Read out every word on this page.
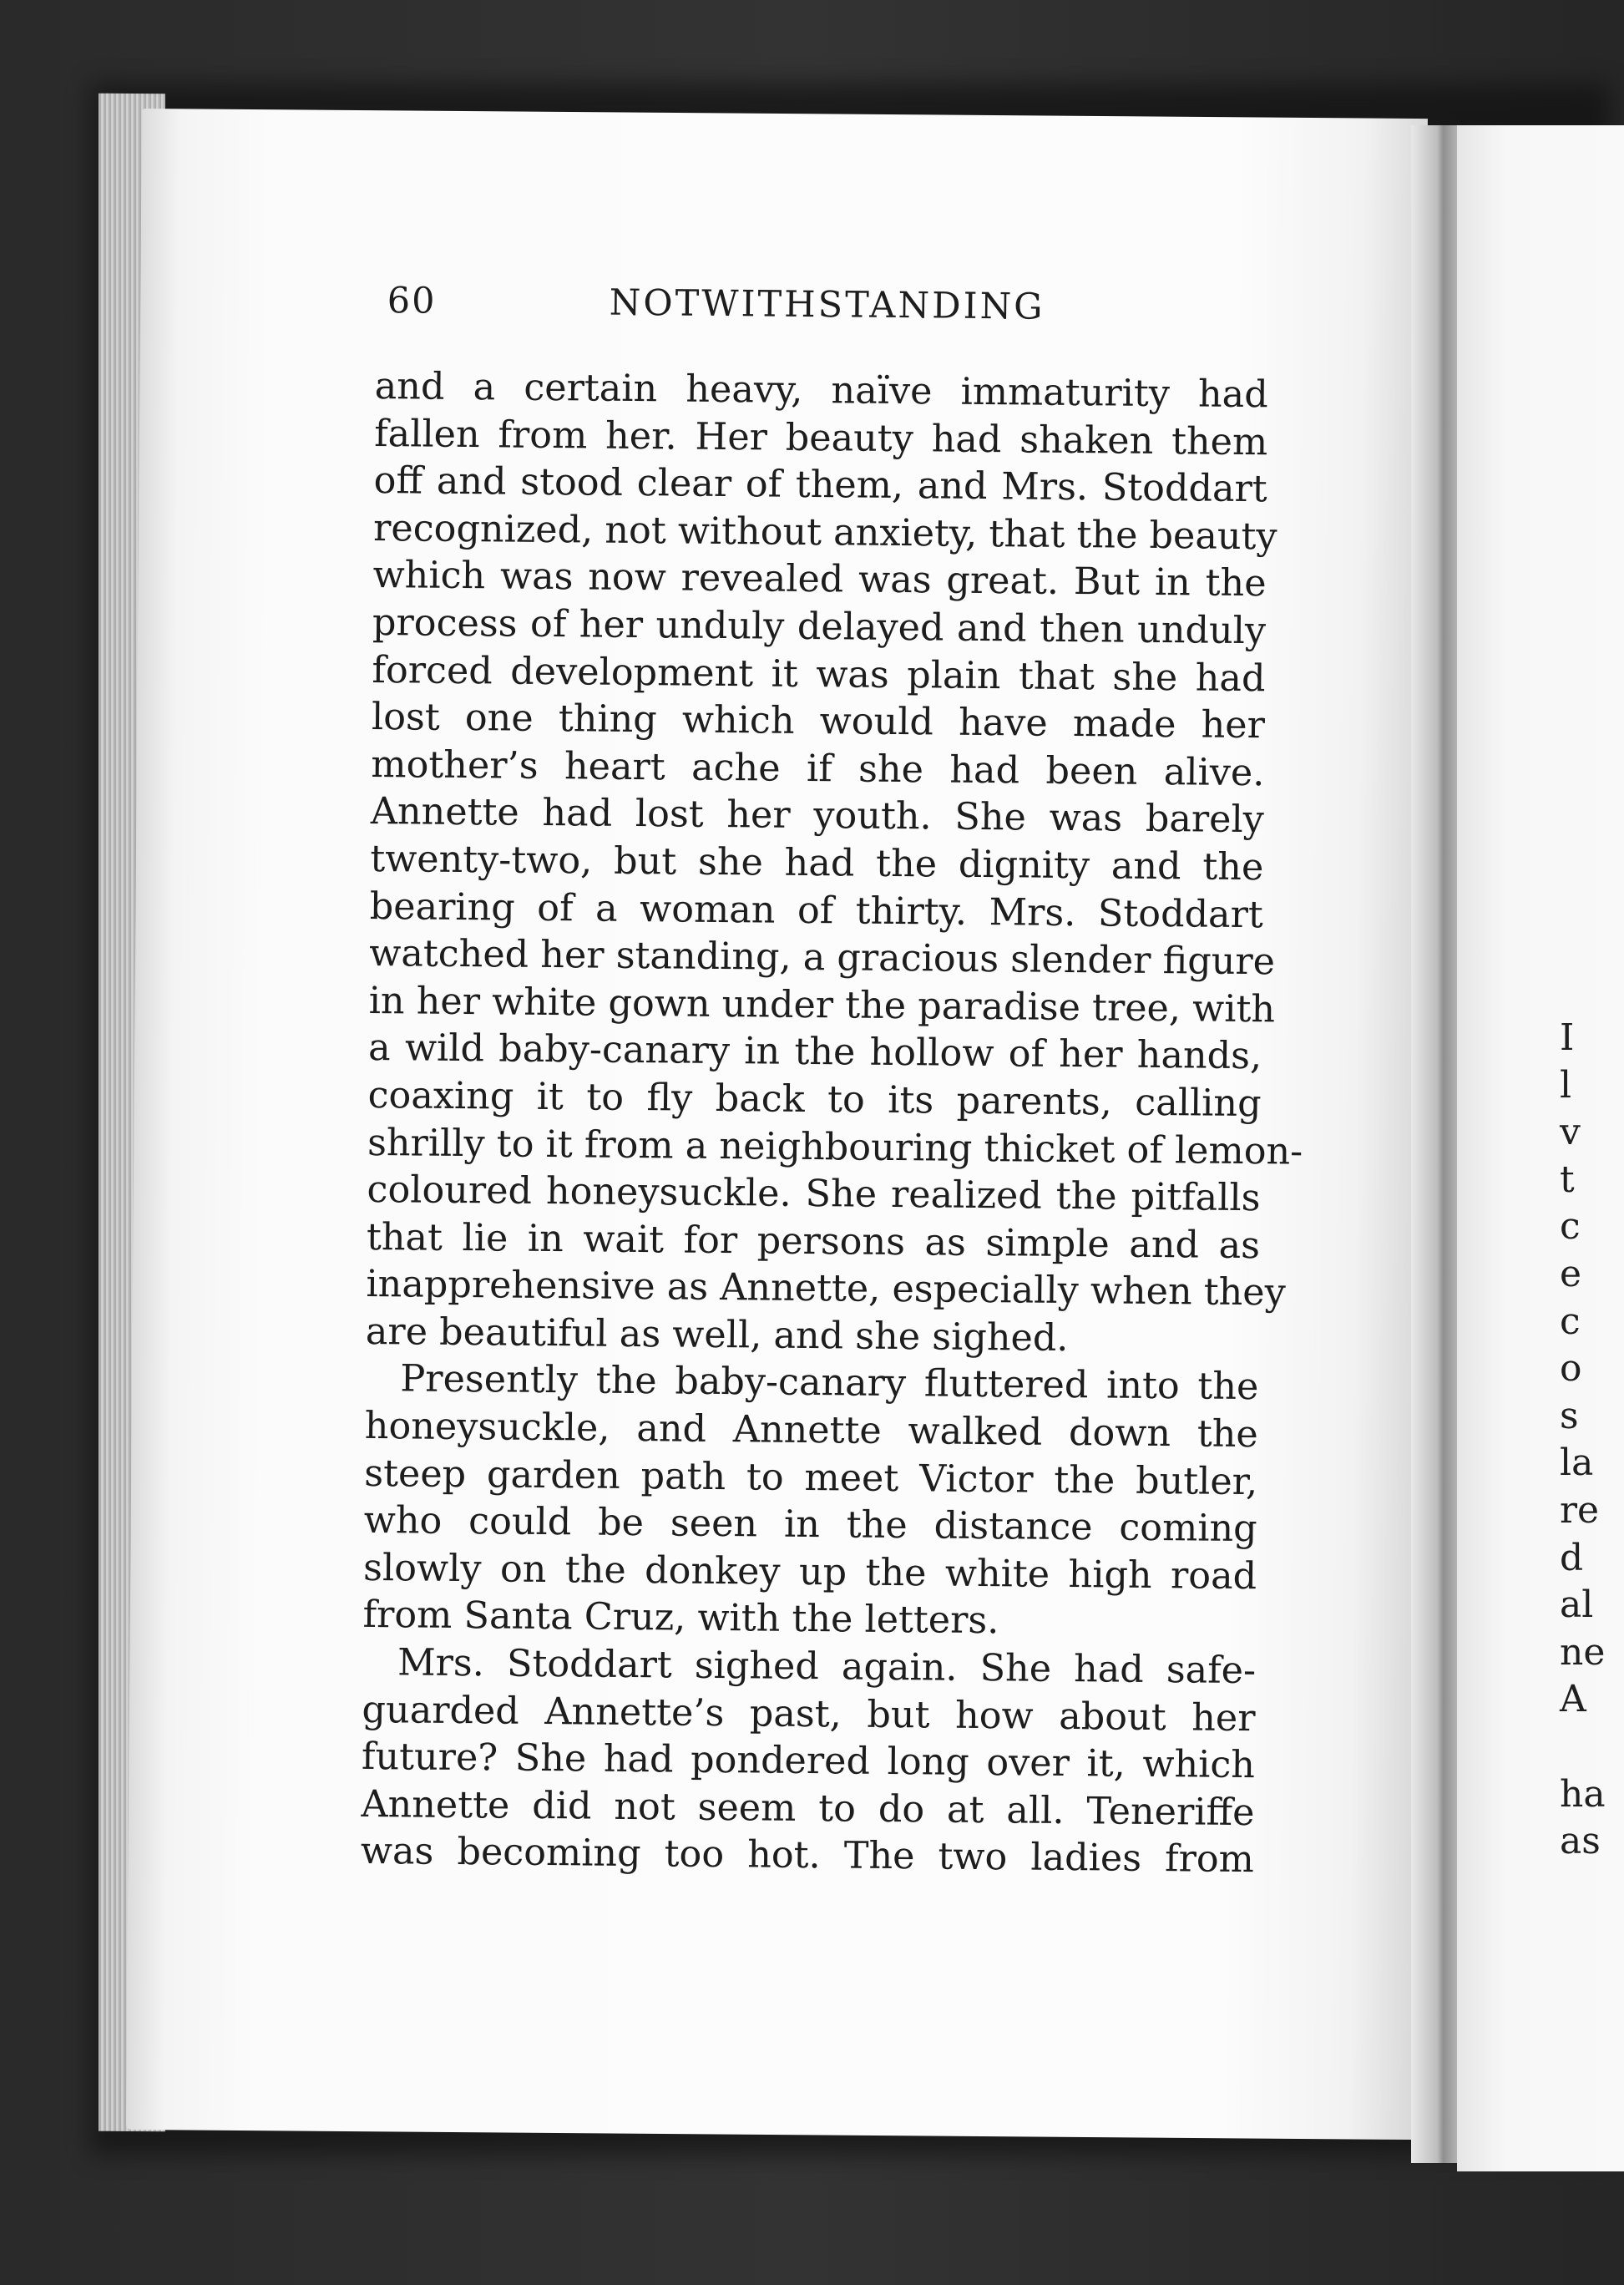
60	NOTWITHSTANDING
and a certain heavy, naïve immaturity had
fallen from her. Her beauty had shaken them
off and stood clear of them, and Mrs. Stoddart
recognized, not without anxiety, that the beauty
which was now revealed was great. But in the
process of her unduly delayed and then unduly
forced development it was plain that she had
lost one thing which would have made her
mother’s heart ache if she had been alive.
Annette had lost her youth. She was barely
twenty-two, but she had the dignity and the
bearing of a woman of thirty. Mrs. Stoddart
watched her standing, a gracious slender figure
in her white gown under the paradise tree, with
a wild baby-canary in the hollow of her hands,
coaxing it to fly back to its parents, calling
shrilly to it from a neighbouring thicket of lemon-
coloured honeysuckle. She realized the pitfalls
that lie in wait for persons as simple and as
inapprehensive as Annette, especially when they
are beautiful as well, and she sighed.
Presently the baby-canary fluttered into the
honeysuckle, and Annette walked down the
steep garden path to meet Victor the butler,
who could be seen in the distance coming
slowly on the donkey up the white high road
from Santa Cruz, with the letters.
Mrs. Stoddart sighed again. She had safe-
guarded Annette’s past, but how about her
future? She had pondered long over it, which
Annette did not seem to do at all. Teneriffe
was becoming too hot. The two ladies from
I
l
v
t
c
e
c
o
s
la
re
d
al
ne
A
ha
as
